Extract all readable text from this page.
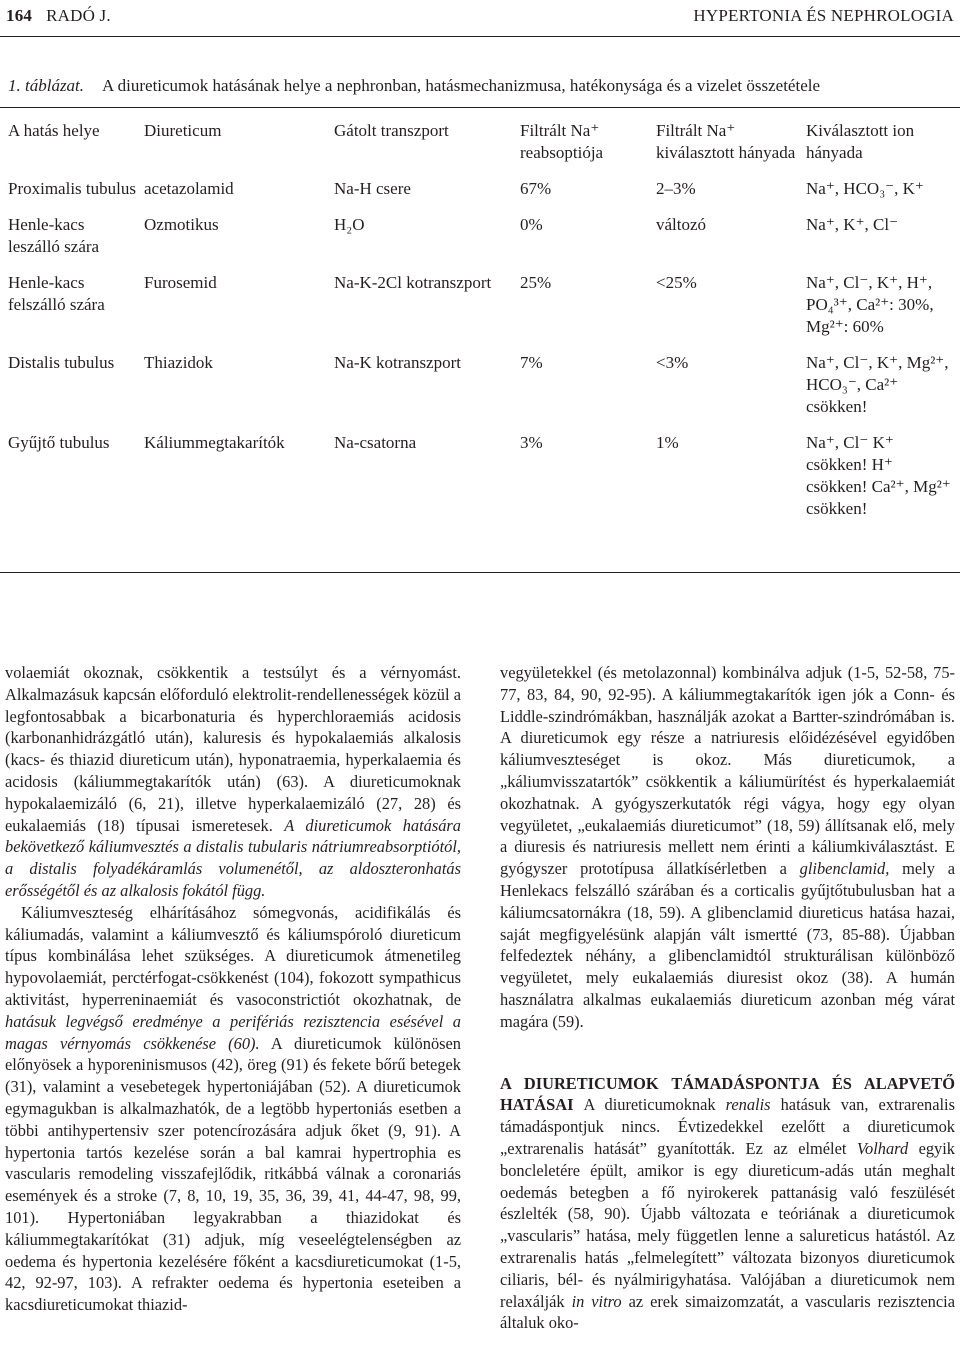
164 RADÓ J.	HYPERTONIA ÉS NEPHROLOGIA
1. táblázat. A diureticumok hatásának helye a nephronban, hatásmechanizmusa, hatékonysága és a vizelet összetétele
A hatás helye	Diureticum	Gátolt transzport	Filtrált Na⁺ reabsoptiója	Filtrált Na⁺ kiválasztott hányada	Kiválasztott ion hányada
Proximalis tubulus	acetazolamid	Na-H csere	67%	2–3%	Na⁺, HCO₃⁻, K⁺
Henle-kacs leszálló szára	Ozmotikus	H₂O	0%	változó	Na⁺, K⁺, Cl⁻
Henle-kacs felszálló szára	Furosemid	Na-K-2Cl kotranszport	25%	<25%	Na⁺, Cl⁻, K⁺, H⁺, PO₄³⁺, Ca²⁺: 30%, Mg²⁺: 60%
Distalis tubulus	Thiazidok	Na-K kotranszport	7%	<3%	Na⁺, Cl⁻, K⁺, Mg²⁺, HCO₃⁻, Ca²⁺ csökken!
Gyűjtő tubulus	Káliummegtakarítók	Na-csatorna	3%	1%	Na⁺, Cl⁻ K⁺ csökken! H⁺ csökken! Ca²⁺, Mg²⁺ csökken!

volaemiát okoznak, csökkentik a testsúlyt és a vérnyomást. Alkalmazásuk kapcsán előforduló elektrolit-rendellenességek közül a legfontosabbak a bicarbonaturia és hyperchloraemiás acidosis (karbonanhidrázgátló után), kaluresis és hypokalaemiás alkalosis (kacs- és thiazid diureticum után), hyponatraemia, hyperkalaemia és acidosis (káliummegtakarítók után) (63). A diureticumoknak hypokalaemizáló (6, 21), illetve hyperkalaemizáló (27, 28) és eukalaemiás (18) típusai ismeretesek. A diureticumok hatására bekövetkező káliumvesztés a distalis tubularis nátriumreabsorptiótól, a distalis folyadékáramlás volumenétől, az aldoszteronhatás erősségétől és az alkalosis fokától függ.

Káliumveszteség elhárításához sómegvonás, acidifikálás és káliumadás, valamint a káliumvesztő és káliumspóroló diureticum típus kombinálása lehet szükséges. A diureticumok átmenetileg hypovolaemiát, perctérfogat-csökkenést (104), fokozott sympathicus aktivitást, hyperreninaemiát és vasoconstrictiót okozhatnak, de hatásuk legvégső eredménye a perifériás rezisztencia esésével a magas vérnyomás csökkenése (60). A diureticumok különösen előnyösek a hyporeninismusos (42), öreg (91) és fekete bőrű betegek (31), valamint a vesebetegek hypertoniájában (52). A diureticumok egymagukban is alkalmazhatók, de a legtöbb hypertoniás esetben a többi antihypertensiv szer potencírozására adjuk őket (9, 91). A hypertonia tartós kezelése során a bal kamrai hypertrophia es vascularis remodeling visszafejlődik, ritkábbá válnak a coronariás események és a stroke (7, 8, 10, 19, 35, 36, 39, 41, 44-47, 98, 99, 101). Hypertoniában legyakrabban a thiazidokat és káliummegtakarítókat (31) adjuk, míg veseelégtelenségben az oedema és hypertonia kezelésére főként a kacsdiureticumokat (1-5, 42, 92-97, 103). A refrakter oedema és hypertonia eseteiben a kacsdiureticumokat thiazid-

vegyületekkel (és metolazonnal) kombinálva adjuk (1-5, 52-58, 75-77, 83, 84, 90, 92-95). A káliummegtakarítók igen jók a Conn- és Liddle-szindrómákban, használják azokat a Bartter-szindrómában is. A diureticumok egy része a natriuresis előidézésével egyidőben káliumveszteséget is okoz. Más diureticumok, a „káliumvisszatartók” csökkentik a káliumürítést és hyperkalaemiát okozhatnak. A gyógyszerkutatók régi vágya, hogy egy olyan vegyületet, „eukalaemiás diureticumot” (18, 59) állítsanak elő, mely a diuresis és natriuresis mellett nem érinti a káliumkiválasztást. E gyógyszer prototípusa állatkísérletben a glibenclamid, mely a Henlekacs felszálló szárában és a corticalis gyűjtőtubulusban hat a káliumcsatornákra (18, 59). A glibenclamid diureticus hatása hazai, saját megfigyelésünk alapján vált ismertté (73, 85-88). Újabban felfedeztek néhány, a glibenclamidtól strukturálisan különböző vegyületet, mely eukalaemiás diuresist okoz (38). A humán használatra alkalmas eukalaemiás diureticum azonban még várat magára (59).

A DIURETICUMOK TÁMADÁSPONTJA ÉS ALAPVETŐ HATÁSAI A diureticumoknak renalis hatásuk van, extrarenalis támadáspontjuk nincs. Évtizedekkel ezelőtt a diureticumok „extrarenalis hatását” gyanították. Ez az elmélet Volhard egyik boncleletére épült, amikor is egy diureticum-adás után meghalt oedemás betegben a fő nyirokerek pattanásig való feszülését észlelték (58, 90). Újabb változata e teóriának a diureticumok „vascularis” hatása, mely független lenne a salureticus hatástól. Az extrarenalis hatás „felmelegített” változata bizonyos diureticumok ciliaris, bél- és nyálmirigyhatása. Valójában a diureticumok nem relaxálják in vitro az erek simaizomzatát, a vascularis rezisztencia általuk oko-
